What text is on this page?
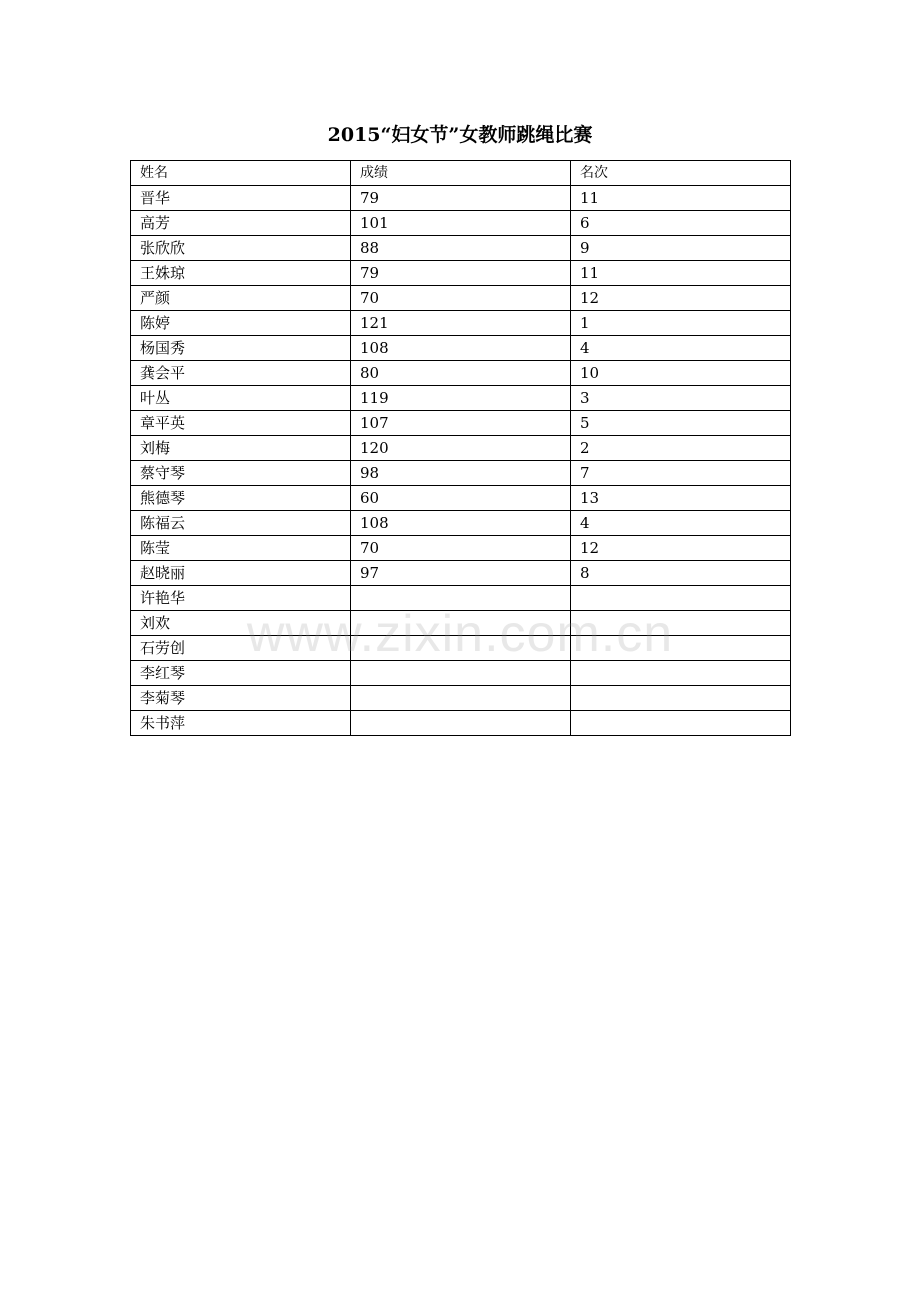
2015“妇女节”女教师跳绳比赛
姓名	成绩	名次
晋华	79	11
高芳	101	6
张欣欣	88	9
王姝琼	79	11
严颜	70	12
陈婷	121	1
杨国秀	108	4
龚会平	80	10
叶丛	119	3
章平英	107	5
刘梅	120	2
蔡守琴	98	7
熊德琴	60	13
陈福云	108	4
陈莹	70	12
赵晓丽	97	8
许艳华		
刘欢		
石劳创		
李红琴		
李菊琴		
朱书萍		
www.zixin.com.cn
